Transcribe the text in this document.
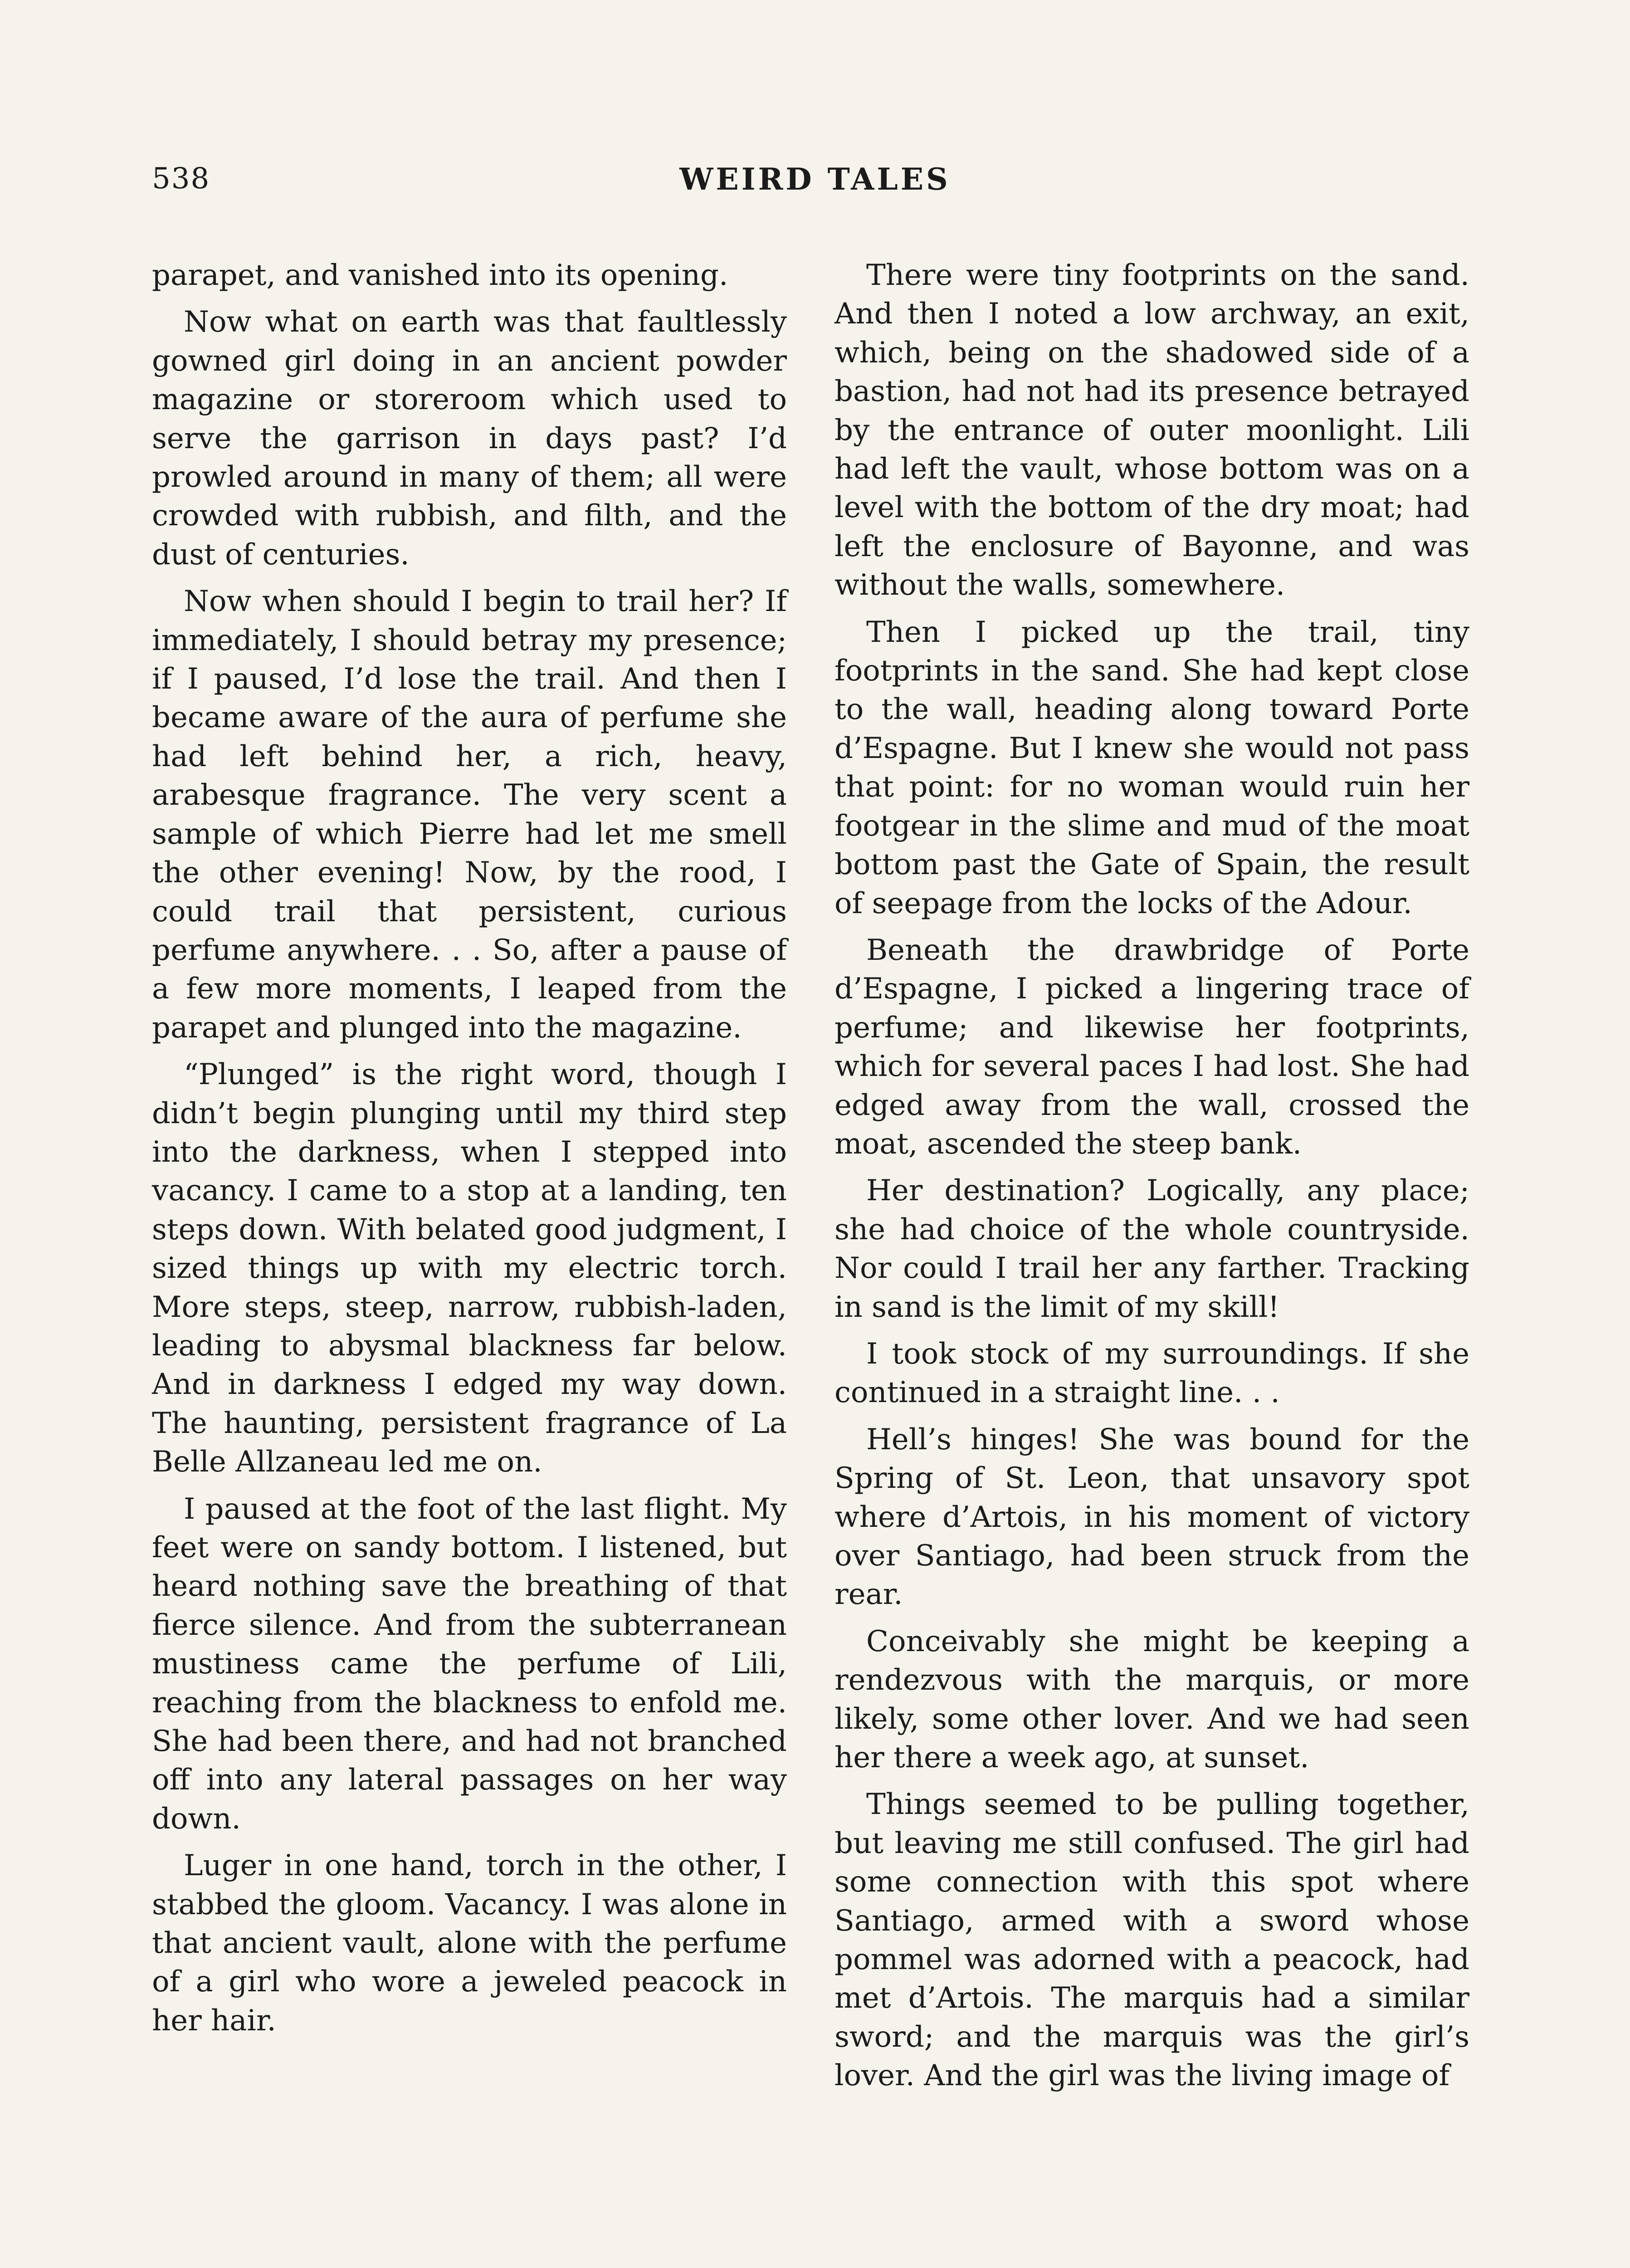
538	WEIRD TALES

parapet, and vanished into its opening.

Now what on earth was that faultlessly gowned girl doing in an ancient powder magazine or storeroom which used to serve the garrison in days past? I’d prowled around in many of them; all were crowded with rubbish, and filth, and the dust of centuries.

Now when should I begin to trail her? If immediately, I should betray my presence; if I paused, I’d lose the trail. And then I became aware of the aura of perfume she had left behind her, a rich, heavy, arabesque fragrance. The very scent a sample of which Pierre had let me smell the other evening! Now, by the rood, I could trail that persistent, curious perfume anywhere. . . So, after a pause of a few more moments, I leaped from the parapet and plunged into the magazine.

“Plunged” is the right word, though I didn’t begin plunging until my third step into the darkness, when I stepped into vacancy. I came to a stop at a landing, ten steps down. With belated good judgment, I sized things up with my electric torch. More steps, steep, narrow, rubbish-laden, leading to abysmal blackness far below. And in darkness I edged my way down. The haunting, persistent fragrance of La Belle Allzaneau led me on.

I paused at the foot of the last flight. My feet were on sandy bottom. I listened, but heard nothing save the breathing of that fierce silence. And from the subterranean mustiness came the perfume of Lili, reaching from the blackness to enfold me. She had been there, and had not branched off into any lateral passages on her way down.

Luger in one hand, torch in the other, I stabbed the gloom. Vacancy. I was alone in that ancient vault, alone with the perfume of a girl who wore a jeweled peacock in her hair.

There were tiny footprints on the sand. And then I noted a low archway, an exit, which, being on the shadowed side of a bastion, had not had its presence betrayed by the entrance of outer moonlight. Lili had left the vault, whose bottom was on a level with the bottom of the dry moat; had left the enclosure of Bayonne, and was without the walls, somewhere.

Then I picked up the trail, tiny footprints in the sand. She had kept close to the wall, heading along toward Porte d’Espagne. But I knew she would not pass that point: for no woman would ruin her footgear in the slime and mud of the moat bottom past the Gate of Spain, the result of seepage from the locks of the Adour.

Beneath the drawbridge of Porte d’Espagne, I picked a lingering trace of perfume; and likewise her footprints, which for several paces I had lost. She had edged away from the wall, crossed the moat, ascended the steep bank.

Her destination? Logically, any place; she had choice of the whole countryside. Nor could I trail her any farther. Tracking in sand is the limit of my skill!

I took stock of my surroundings. If she continued in a straight line. . .

Hell’s hinges! She was bound for the Spring of St. Leon, that unsavory spot where d’Artois, in his moment of victory over Santiago, had been struck from the rear.

Conceivably she might be keeping a rendezvous with the marquis, or more likely, some other lover. And we had seen her there a week ago, at sunset.

Things seemed to be pulling together, but leaving me still confused. The girl had some connection with this spot where Santiago, armed with a sword whose pommel was adorned with a peacock, had met d’Artois. The marquis had a similar sword; and the marquis was the girl’s lover. And the girl was the living image of
